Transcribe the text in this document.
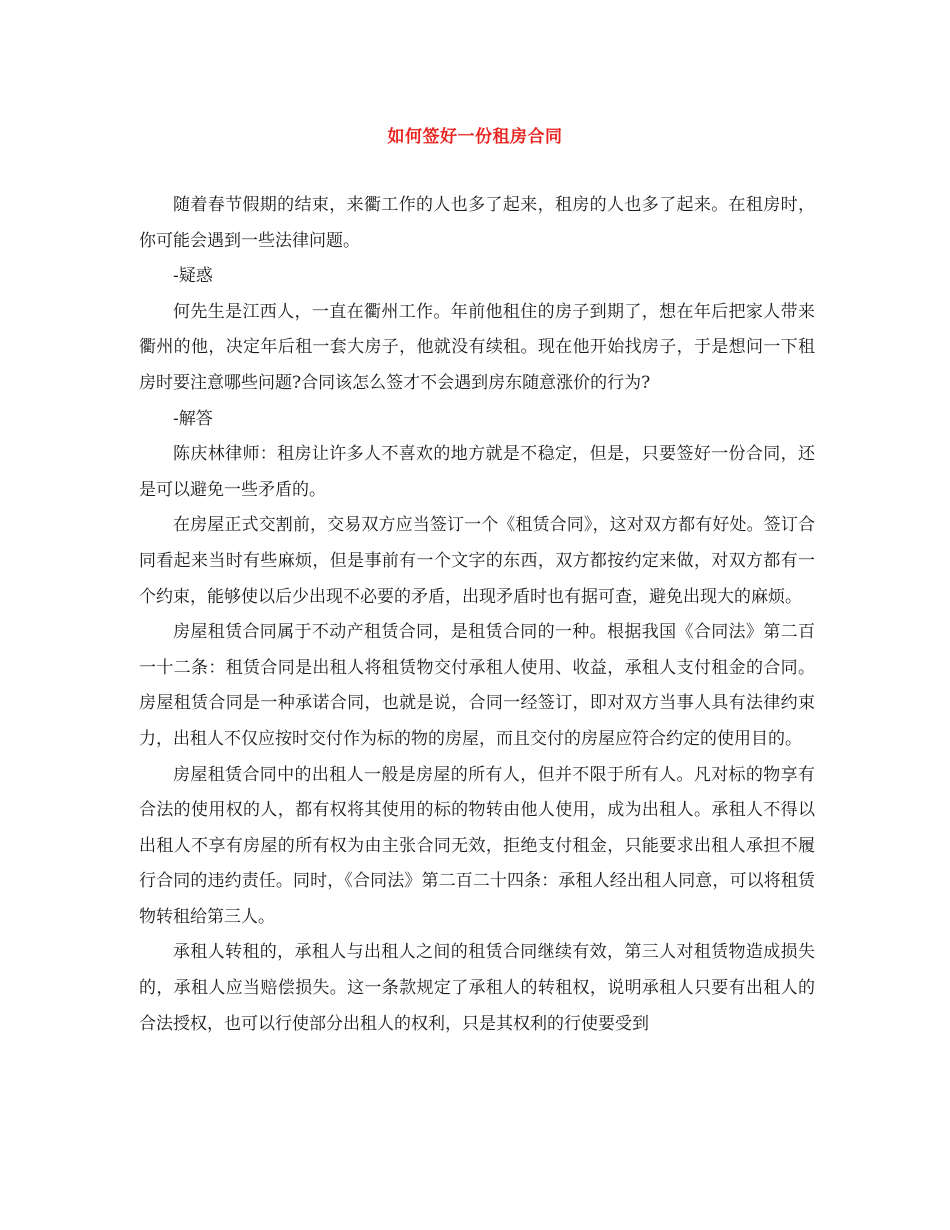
如何签好一份租房合同

随着春节假期的结束，来衢工作的人也多了起来，租房的人也多了起来。在租房时，你可能会遇到一些法律问题。

-疑惑

何先生是江西人，一直在衢州工作。年前他租住的房子到期了，想在年后把家人带来衢州的他，决定年后租一套大房子，他就没有续租。现在他开始找房子，于是想问一下租房时要注意哪些问题?合同该怎么签才不会遇到房东随意涨价的行为?

-解答

陈庆林律师：租房让许多人不喜欢的地方就是不稳定，但是，只要签好一份合同，还是可以避免一些矛盾的。

在房屋正式交割前，交易双方应当签订一个《租赁合同》，这对双方都有好处。签订合同看起来当时有些麻烦，但是事前有一个文字的东西，双方都按约定来做，对双方都有一个约束，能够使以后少出现不必要的矛盾，出现矛盾时也有据可查，避免出现大的麻烦。

房屋租赁合同属于不动产租赁合同，是租赁合同的一种。根据我国《合同法》第二百一十二条：租赁合同是出租人将租赁物交付承租人使用、收益，承租人支付租金的合同。房屋租赁合同是一种承诺合同，也就是说，合同一经签订，即对双方当事人具有法律约束力，出租人不仅应按时交付作为标的物的房屋，而且交付的房屋应符合约定的使用目的。

房屋租赁合同中的出租人一般是房屋的所有人，但并不限于所有人。凡对标的物享有合法的使用权的人，都有权将其使用的标的物转由他人使用，成为出租人。承租人不得以出租人不享有房屋的所有权为由主张合同无效，拒绝支付租金，只能要求出租人承担不履行合同的违约责任。同时，《合同法》第二百二十四条：承租人经出租人同意，可以将租赁物转租给第三人。

承租人转租的，承租人与出租人之间的租赁合同继续有效，第三人对租赁物造成损失的，承租人应当赔偿损失。这一条款规定了承租人的转租权，说明承租人只要有出租人的合法授权，也可以行使部分出租人的权利，只是其权利的行使要受到
